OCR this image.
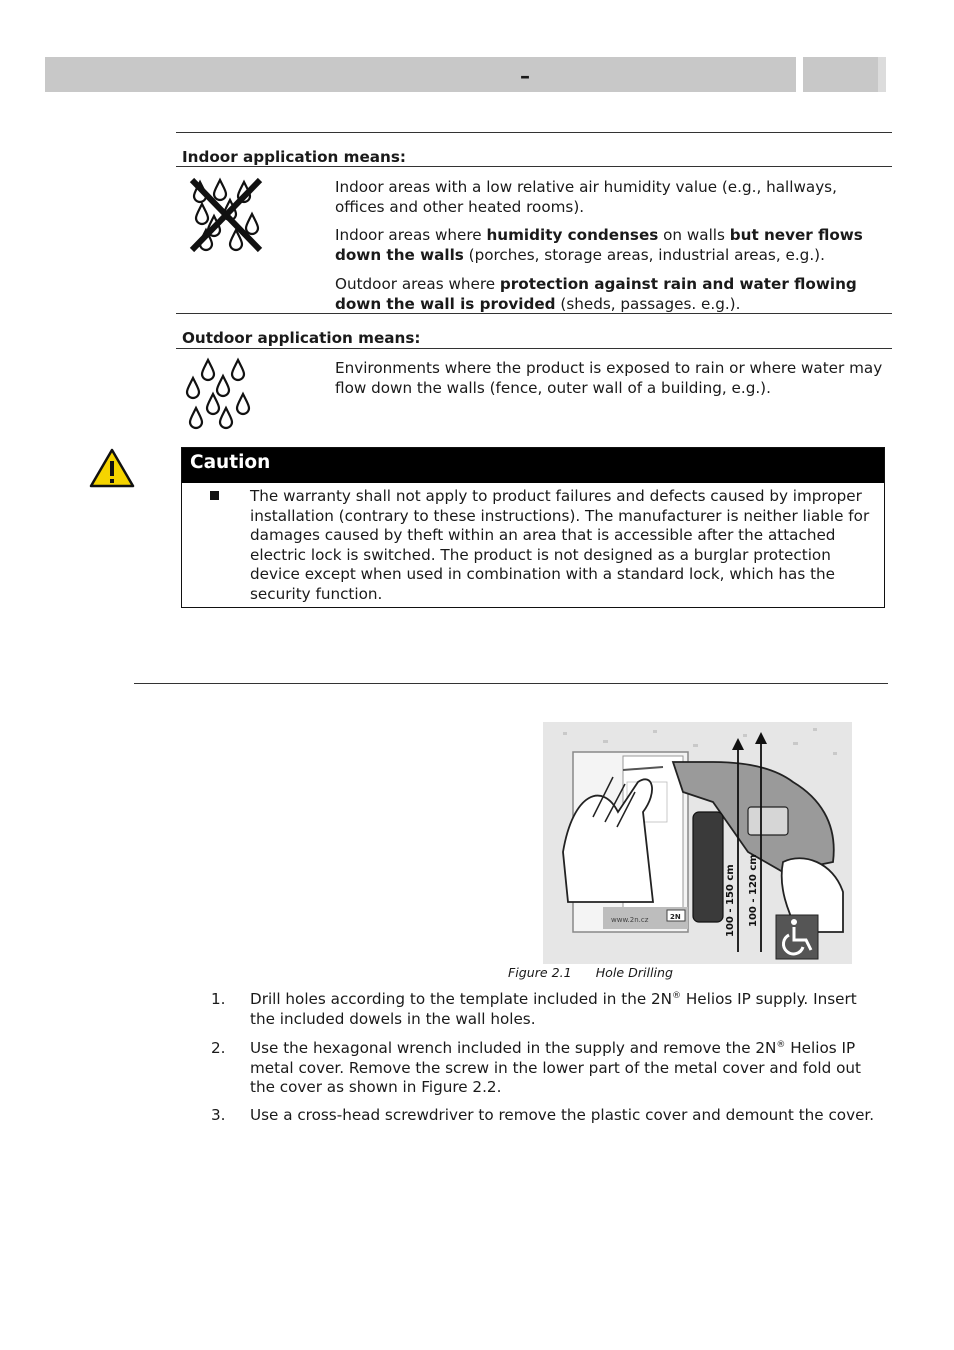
–
Indoor application means:
Indoor areas with a low relative air humidity value (e.g., hallways, offices and other heated rooms).
Indoor areas where humidity condenses on walls but never flows down the walls (porches, storage areas, industrial areas, e.g.).
Outdoor areas where protection against rain and water flowing down the wall is provided (sheds, passages. e.g.).
Outdoor application means:
Environments where the product is exposed to rain or where water may flow down the walls (fence, outer wall of a building, e.g.).
Caution
The warranty shall not apply to product failures and defects caused by improper installation (contrary to these instructions). The manufacturer is neither liable for damages caused by theft within an area that is accessible after the attached electric lock is switched. The product is not designed as a burglar protection device except when used in combination with a standard lock, which has the security function.
www.2n.cz	2N	100 - 150 cm 100 - 120 cm
Figure 2.1 Hole Drilling
1.	Drill holes according to the template included in the 2N® Helios IP supply. Insert the included dowels in the wall holes.
2.	Use the hexagonal wrench included in the supply and remove the 2N® Helios IP metal cover. Remove the screw in the lower part of the metal cover and fold out the cover as shown in Figure 2.2.
3.	Use a cross-head screwdriver to remove the plastic cover and demount the cover.
